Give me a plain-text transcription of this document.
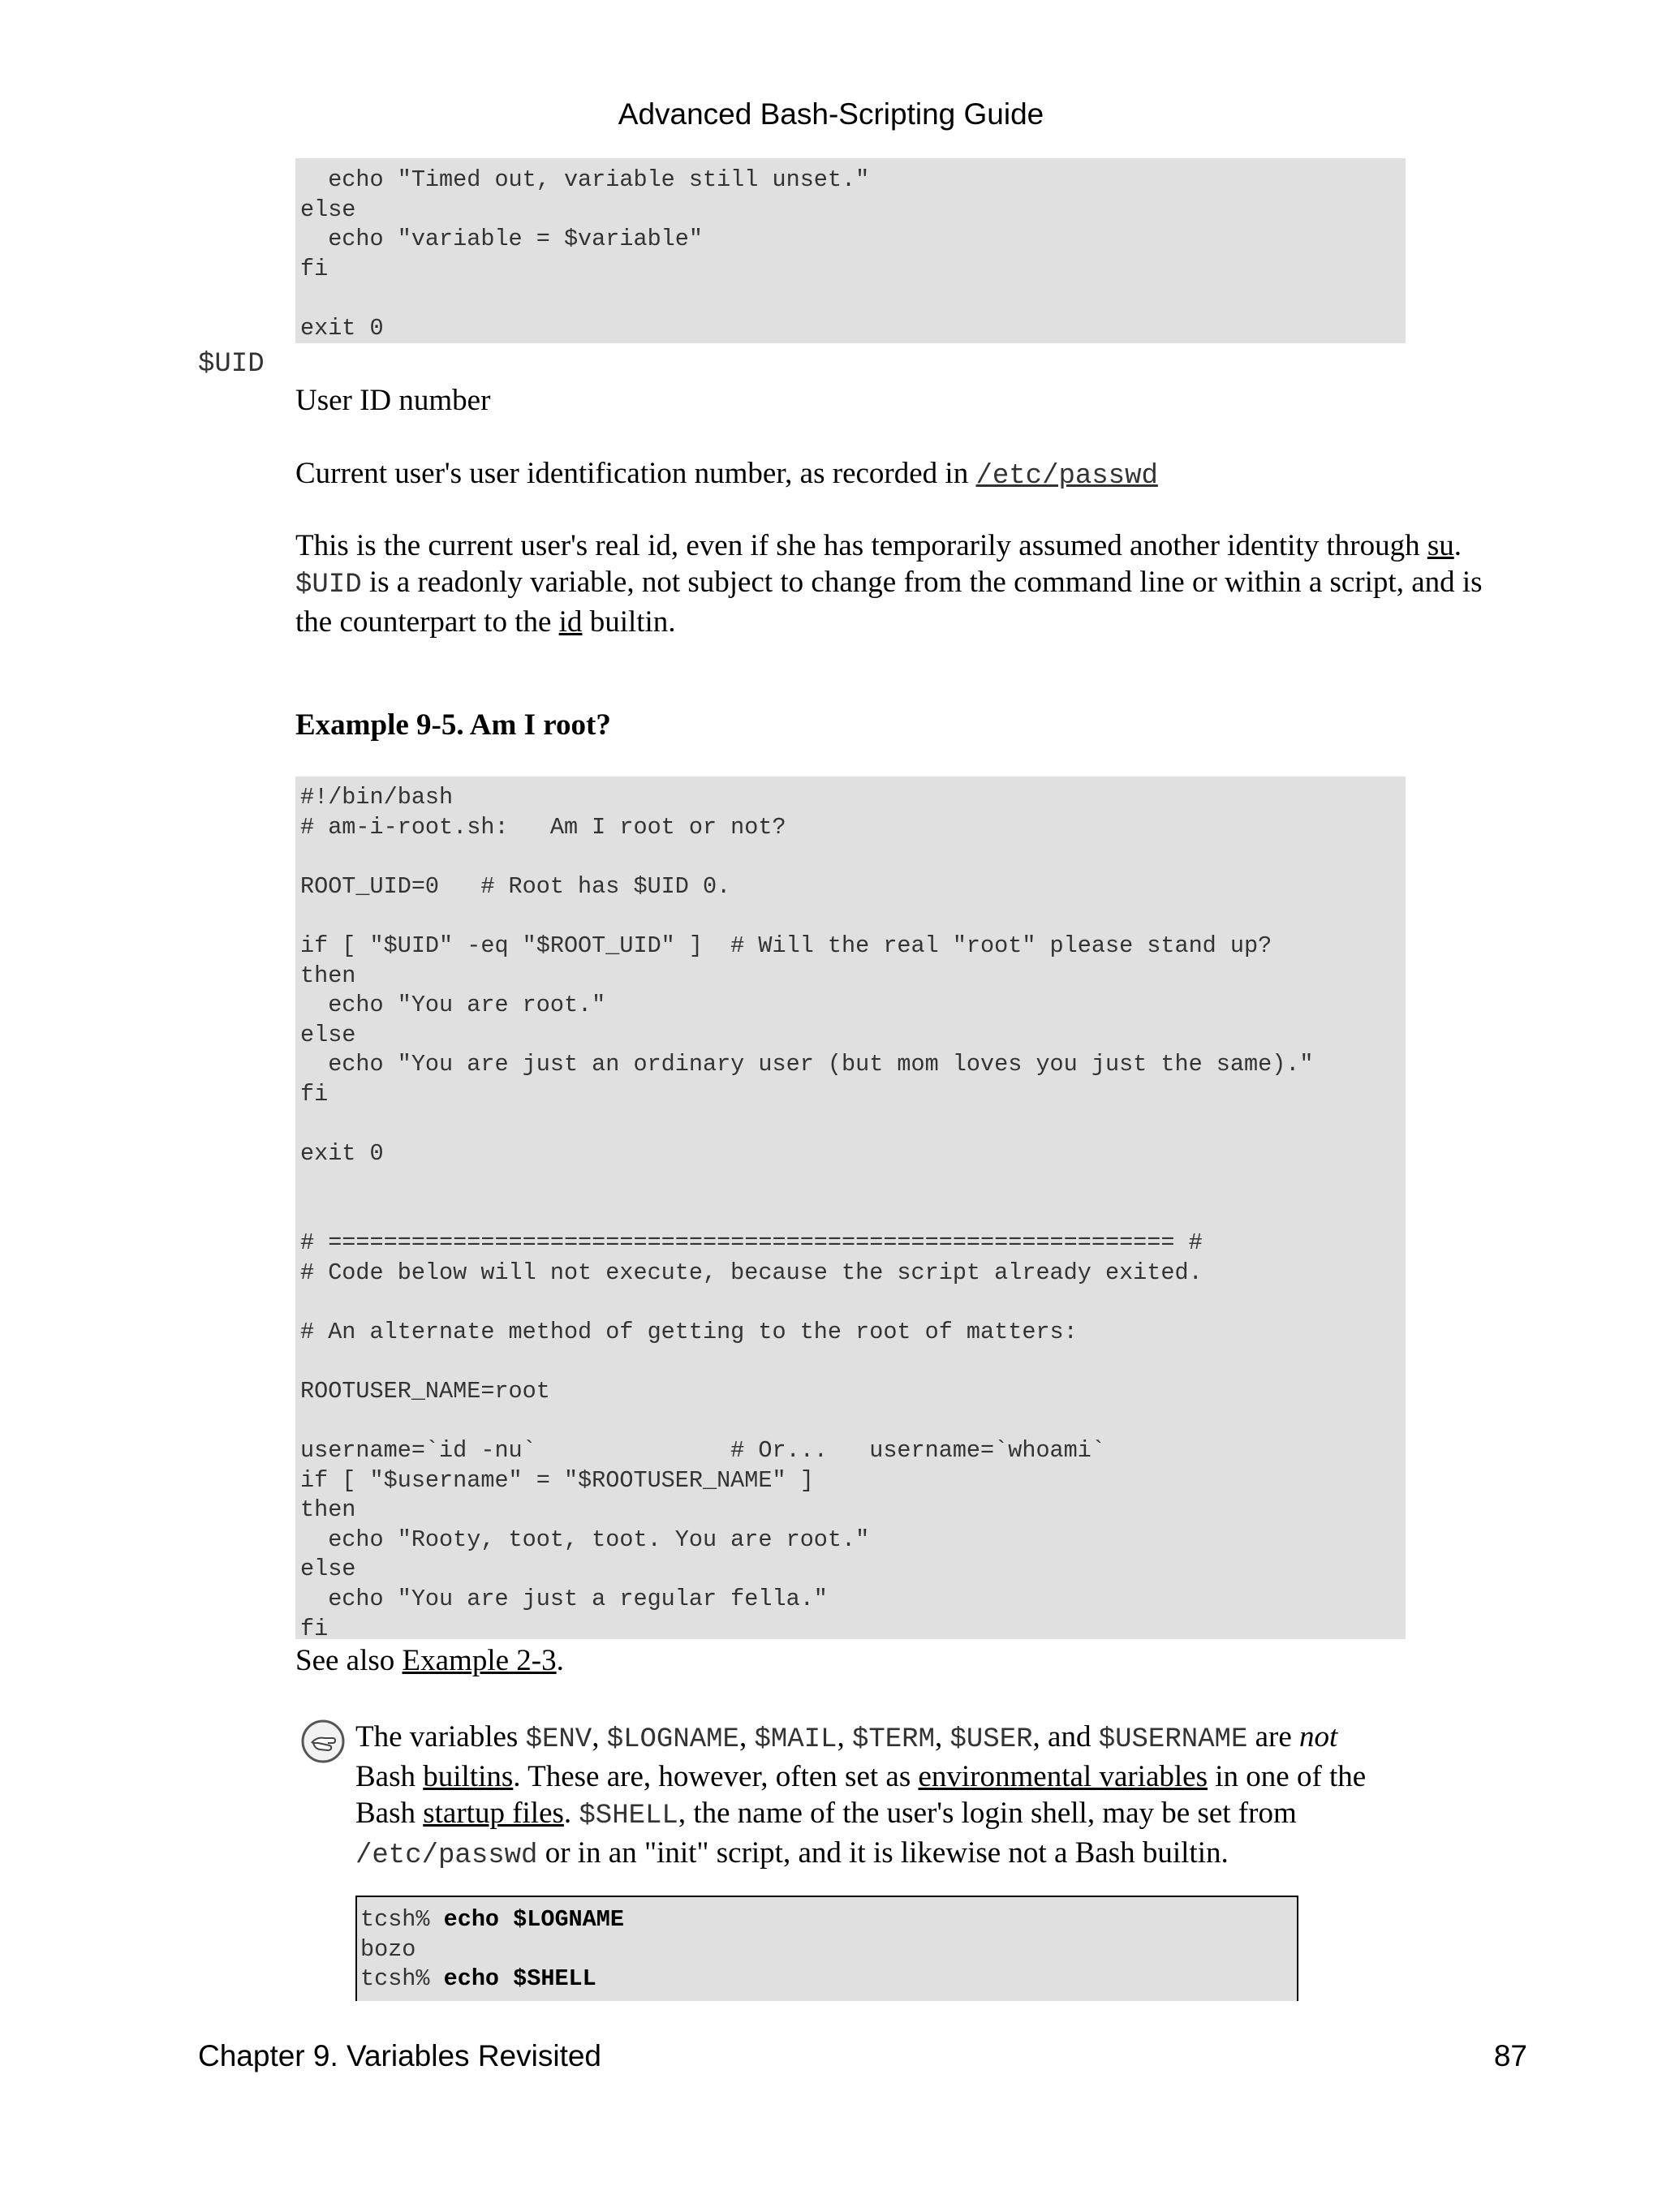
Advanced Bash-Scripting Guide
echo "Timed out, variable still unset."
else
echo "variable = $variable"
fi
exit 0
$UID
User ID number
Current user's user identification number, as recorded in /etc/passwd
This is the current user's real id, even if she has temporarily assumed another identity through su.
$UID is a readonly variable, not subject to change from the command line or within a script, and is
the counterpart to the id builtin.
Example 9-5. Am I root?
#!/bin/bash
# am-i-root.sh:   Am I root or not?
ROOT_UID=0   # Root has $UID 0.
if [ "$UID" -eq "$ROOT_UID" ]  # Will the real "root" please stand up?
then
echo "You are root."
else
echo "You are just an ordinary user (but mom loves you just the same)."
fi
exit 0
# ============================================================= #
# Code below will not execute, because the script already exited.
# An alternate method of getting to the root of matters:
ROOTUSER_NAME=root
username=`id -nu`              # Or...   username=`whoami`
if [ "$username" = "$ROOTUSER_NAME" ]
then
echo "Rooty, toot, toot. You are root."
else
echo "You are just a regular fella."
fi
See also Example 2-3.
The variables $ENV, $LOGNAME, $MAIL, $TERM, $USER, and $USERNAME are not
Bash builtins. These are, however, often set as environmental variables in one of the
Bash startup files. $SHELL, the name of the user's login shell, may be set from
/etc/passwd or in an "init" script, and it is likewise not a Bash builtin.
tcsh% echo $LOGNAME
bozo
tcsh% echo $SHELL
Chapter 9. Variables Revisited	87
